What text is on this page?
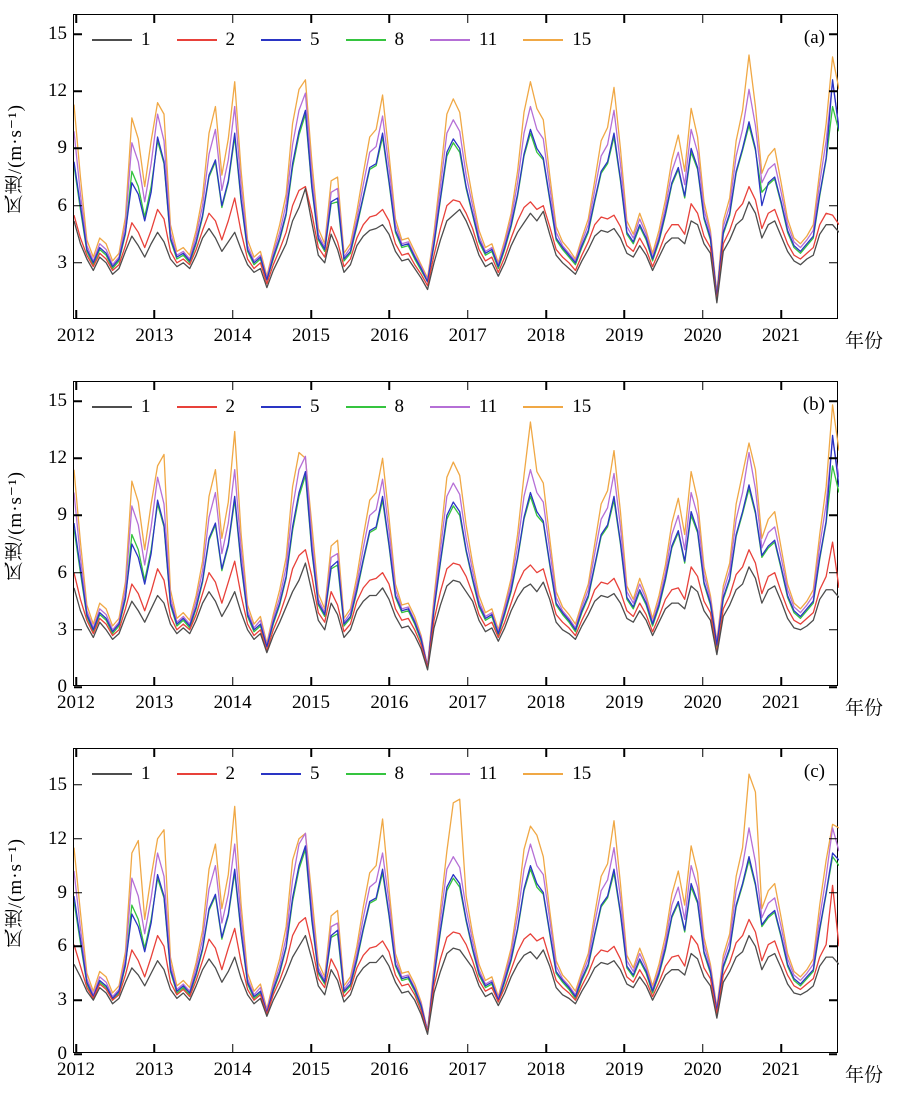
风速/(m·s⁻¹)
1	2	5	8	11	15	(a)
3
6
9
12
15
2012 2013 2014 2015 2016 2017 2018 2019 2020 2021 年份
风速/(m·s⁻¹)
1	2	5	8	11	15	(b)
0
3
6
9
12
15
2012 2013 2014 2015 2016 2017 2018 2019 2020 2021 年份
风速/(m·s⁻¹)
1	2	5	8	11	15	(c)
0
3
6
9
12
15
2012 2013 2014 2015 2016 2017 2018 2019 2020 2021 年份
